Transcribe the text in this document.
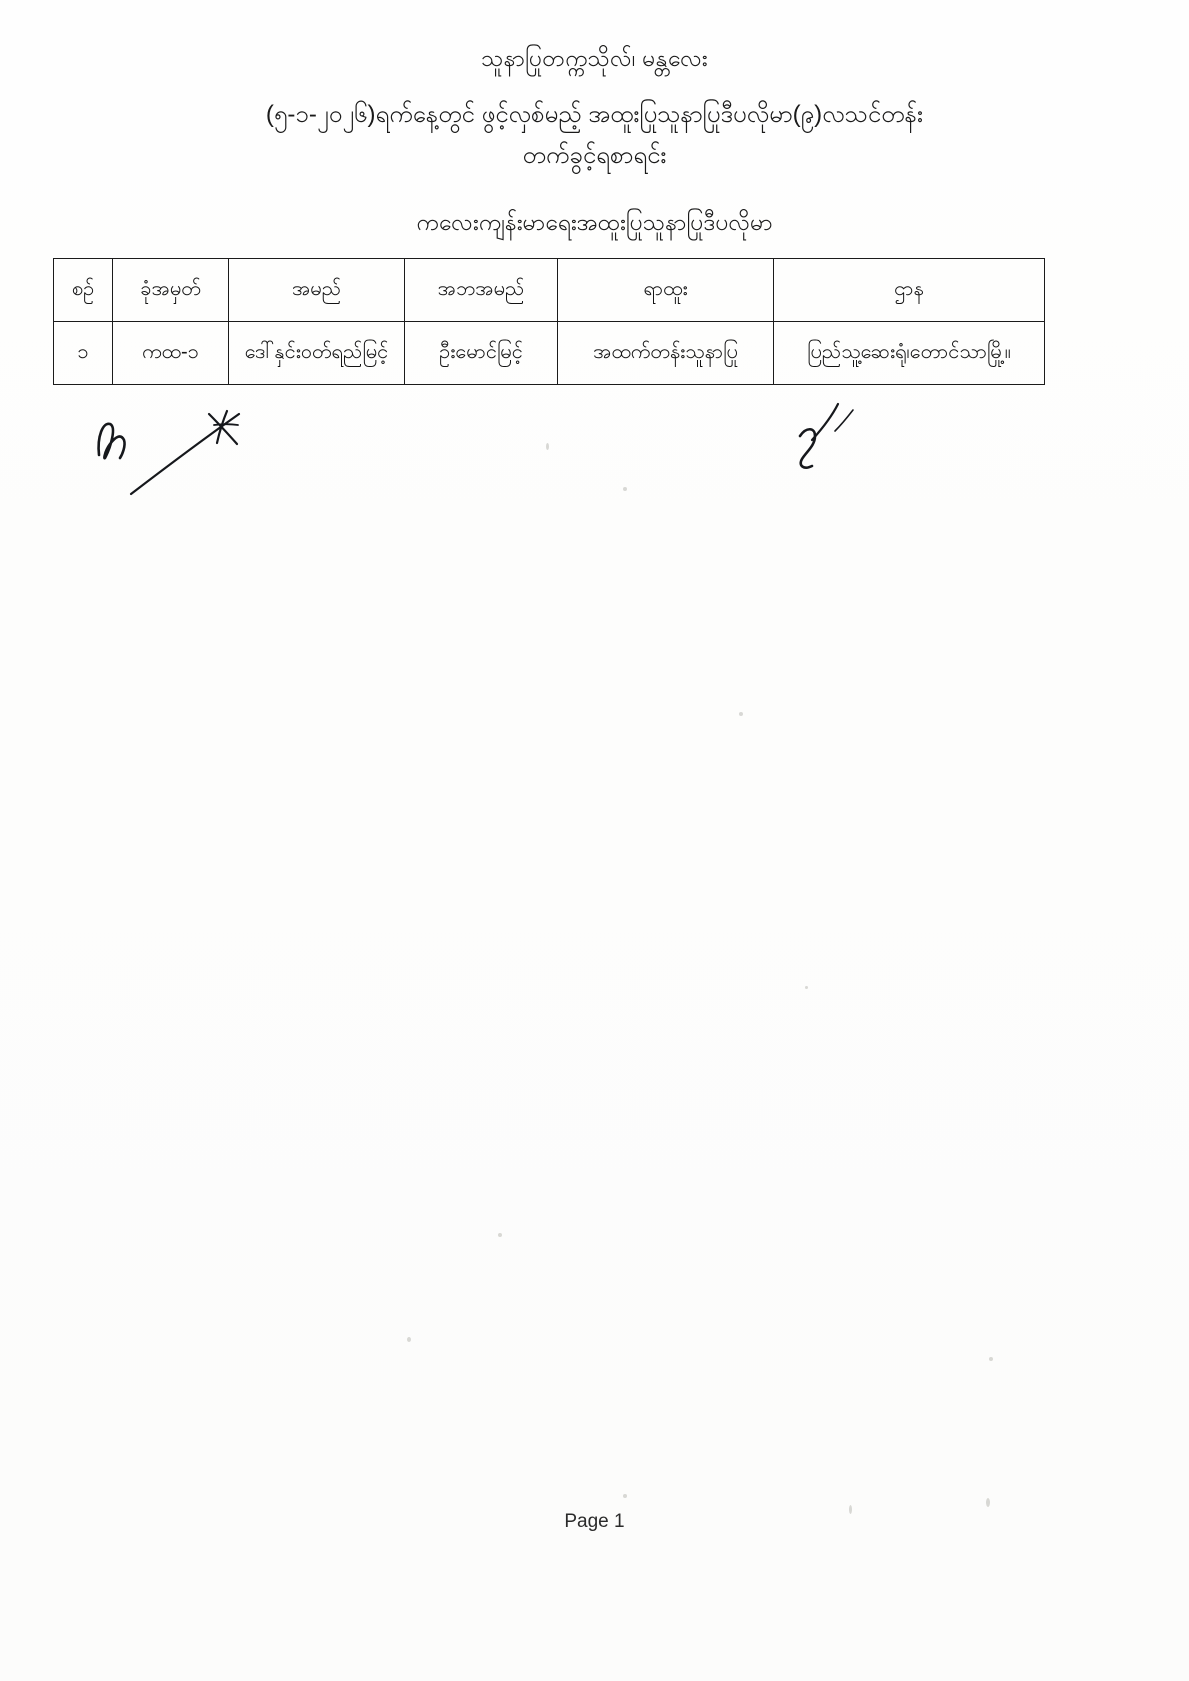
သူနာပြုတက္ကသိုလ်၊ မန္တလေး
(၅-၁-၂၀၂၆)ရက်နေ့တွင် ဖွင့်လှစ်မည့် အထူးပြုသူနာပြုဒီပလိုမာ(၉)လသင်တန်း
တက်ခွင့်ရစာရင်း
ကလေးကျန်းမာရေးအထူးပြုသူနာပြုဒီပလိုမာ
စဉ်	ခုံအမှတ်	အမည်	အဘအမည်	ရာထူး	ဌာန
၁	ကထ-၁	ဒေါ်နှင်းဝတ်ရည်မြင့်	ဦးမောင်မြင့်	အထက်တန်းသူနာပြု	ပြည်သူ့ဆေးရုံ၊တောင်သာမြို့။
Page 1
